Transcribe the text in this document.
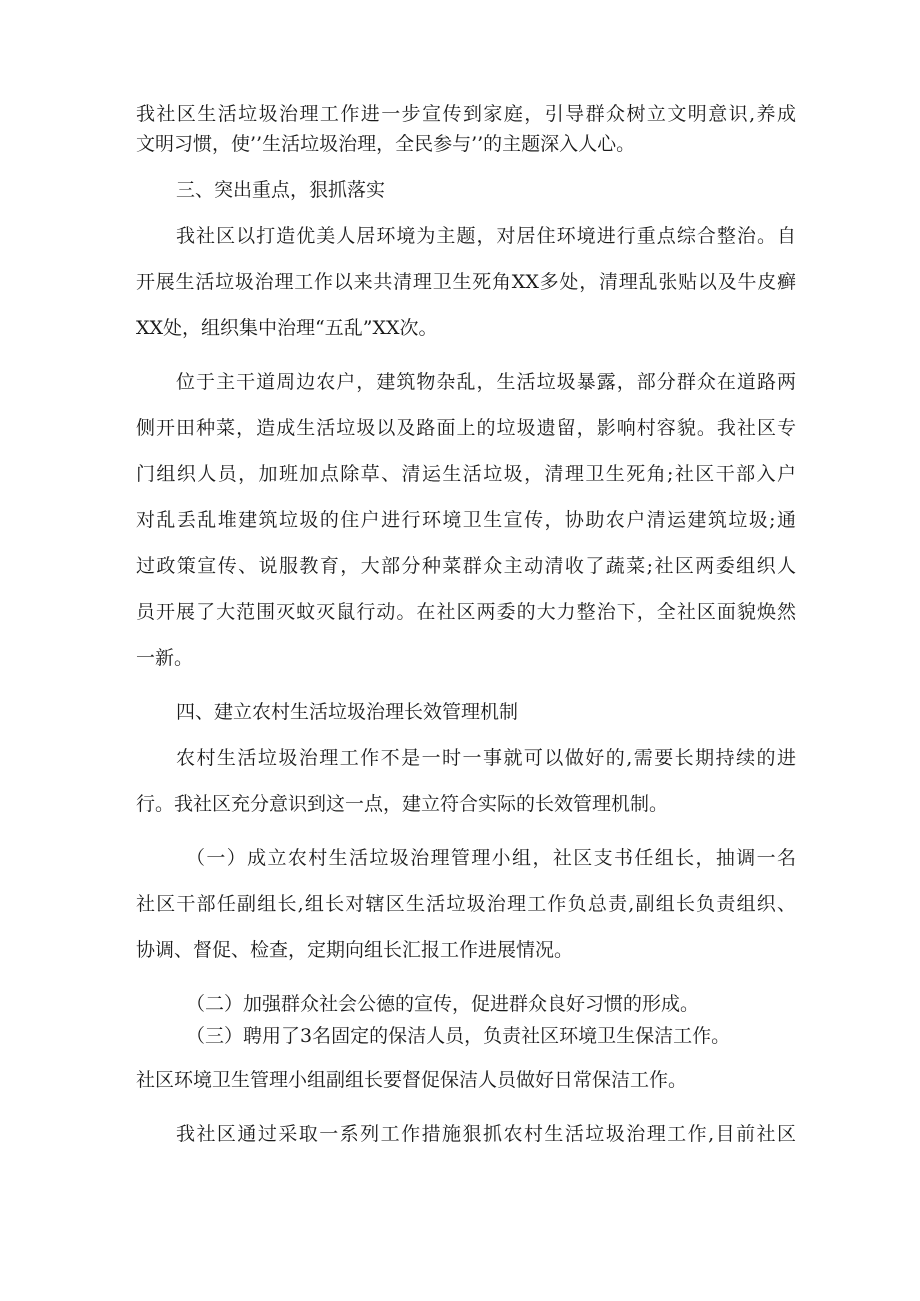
我社区生活垃圾治理工作进一步宣传到家庭，引导群众树立文明意识,养成
文明习惯，使’’生活垃圾治理，全民参与’’的主题深入人心。
三、突出重点，狠抓落实
我社区以打造优美人居环境为主题，对居住环境进行重点综合整治。自
开展生活垃圾治理工作以来共清理卫生死角XX多处，清理乱张贴以及牛皮癣
XX处，组织集中治理“五乱”XX次。
位于主干道周边农户，建筑物杂乱，生活垃圾暴露，部分群众在道路两
侧开田种菜，造成生活垃圾以及路面上的垃圾遗留，影响村容貌。我社区专
门组织人员，加班加点除草、清运生活垃圾，清理卫生死角;社区干部入户
对乱丢乱堆建筑垃圾的住户进行环境卫生宣传，协助农户清运建筑垃圾;通
过政策宣传、说服教育，大部分种菜群众主动清收了蔬菜;社区两委组织人
员开展了大范围灭蚊灭鼠行动。在社区两委的大力整治下，全社区面貌焕然
一新。
四、建立农村生活垃圾治理长效管理机制
农村生活垃圾治理工作不是一时一事就可以做好的,需要长期持续的进
行。我社区充分意识到这一点，建立符合实际的长效管理机制。
（一）成立农村生活垃圾治理管理小组，社区支书任组长，抽调一名
社区干部任副组长,组长对辖区生活垃圾治理工作负总责,副组长负责组织、
协调、督促、检查，定期向组长汇报工作进展情况。
（二）加强群众社会公德的宣传，促进群众良好习惯的形成。
（三）聘用了3名固定的保洁人员，负责社区环境卫生保洁工作。
社区环境卫生管理小组副组长要督促保洁人员做好日常保洁工作。
我社区通过采取一系列工作措施狠抓农村生活垃圾治理工作,目前社区
